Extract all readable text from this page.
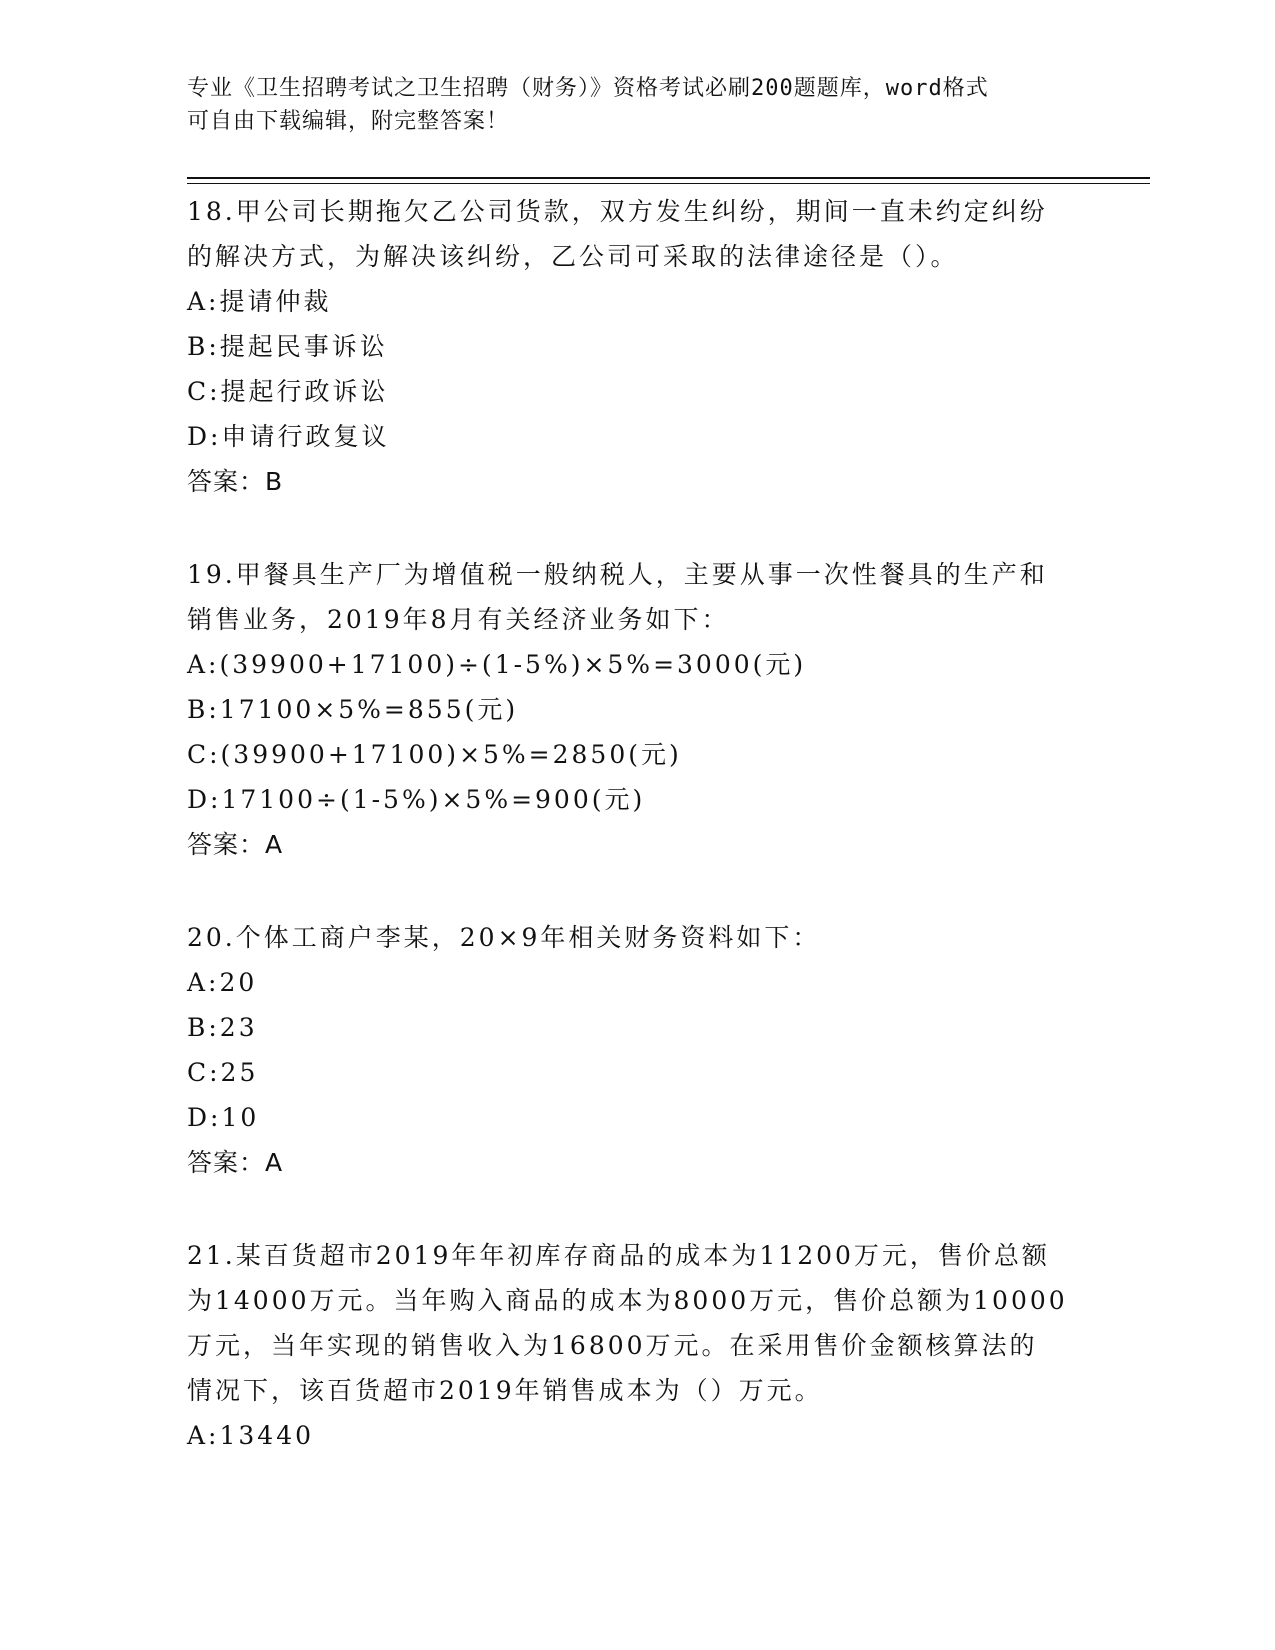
专业《卫生招聘考试之卫生招聘（财务）》资格考试必刷200题题库，word格式
可自由下载编辑，附完整答案！
18.甲公司长期拖欠乙公司货款，双方发生纠纷，期间一直未约定纠纷
的解决方式，为解决该纠纷，乙公司可采取的法律途径是（）。
A:提请仲裁
B:提起民事诉讼
C:提起行政诉讼
D:申请行政复议
答案：B
19.甲餐具生产厂为增值税一般纳税人，主要从事一次性餐具的生产和
销售业务，2019年8月有关经济业务如下：
A:(39900+17100)÷(1-5%)×5%=3000(元)
B:17100×5%=855(元)
C:(39900+17100)×5%=2850(元)
D:17100÷(1-5%)×5%=900(元)
答案：A
20.个体工商户李某，20×9年相关财务资料如下：
A:20
B:23
C:25
D:10
答案：A
21.某百货超市2019年年初库存商品的成本为11200万元，售价总额
为14000万元。当年购入商品的成本为8000万元，售价总额为10000
万元，当年实现的销售收入为16800万元。在采用售价金额核算法的
情况下，该百货超市2019年销售成本为（）万元。
A:13440
